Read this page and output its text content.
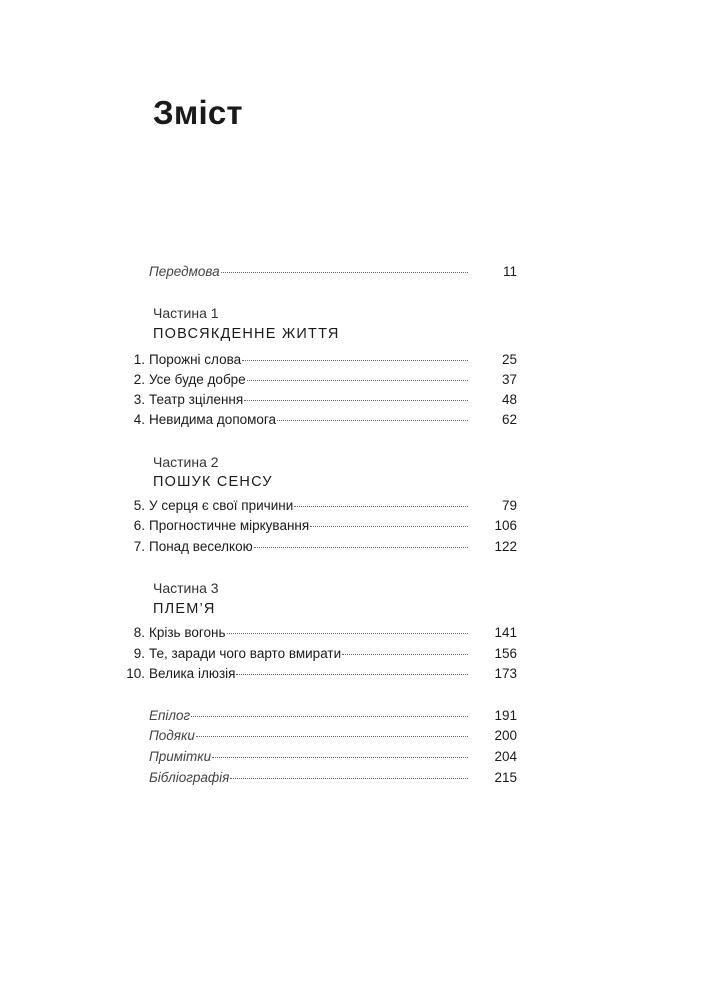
Зміст
Передмова	11
Частина 1
ПОВСЯКДЕННЕ ЖИТТЯ
1. Порожні слова	25
2. Усе буде добре	37
3. Театр зцілення	48
4. Невидима допомога	62
Частина 2
ПОШУК СЕНСУ
5. У серця є свої причини	79
6. Прогностичне міркування	106
7. Понад веселкою	122
Частина 3
ПЛЕМ’Я
8. Крізь вогонь	141
9. Те, заради чого варто вмирати	156
10. Велика ілюзія	173
Епілог	191
Подяки	200
Примітки	204
Бібліографія	215
